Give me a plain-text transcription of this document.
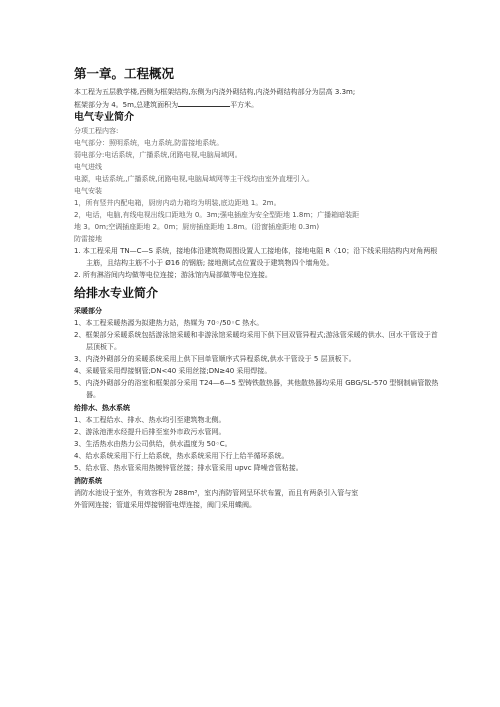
第一章。工程概况

本工程为五层教学楼,西侧为框架结构,东侧为内浇外砌结构,内浇外砌结构部分为层高 3.3m;

框架部分为 4。5m,总建筑面积为	平方米。

电气专业简介

分项工程内容:

电气部分：照明系统，电力系统,防雷接地系统。

弱电部分:电话系统，广播系统,闭路电视,电脑局域网。

电气进线

电源，电话系统,,广播系统,闭路电视,电脑局域网等主干线均由室外直埋引入。

电气安装

1，所有竖井内配电箱，厨房内动力箱均为明装,底边距地 1。2m。

2，电话，电脑,有线电视出线口距地为 0。3m;强电插座为安全型距地 1.8m；广播箱暗装距

地 3。0m;空调插座距地 2。0m；厨房插座距地 1.8m。(沿窗插座距地 0.3m)

防雷接地

1. 本工程采用 TN—C—S 系统，接地体沿建筑物周围设置人工接地体，接地电阻 R〈10；沿下线采用结构内对角两根主筋，且结构主筋不小于 Ø16 的钢筋; 接地测试点位置设于建筑物四个墙角处。

2. 所有淋浴间内均做等电位连接；游泳馆内局部做等电位连接。

给排水专业简介
采暖部分

1、本工程采暖热源为拟建热力站，热媒为 70◦/50◦C 热水。

2、框架部分采暖系统包括游泳馆采暖和非游泳馆采暖均采用下供下回双管异程式;游泳管采暖的供水、回水干管设于首层顶板下。

3、内浇外砌部分的采暖系统采用上供下回单管顺序式异程系统,供水干管设于 5 层顶板下。

4、采暖管采用焊接钢管;DN<40 采用丝接;DN≥40 采用焊接。

5、内浇外砌部分的浴室和框架部分采用 T24—6—5 型铸铁散热器，其他散热器均采用 GBG/SL-570 型钢制扁管散热器。

给排水、热水系统

1、本工程给水、排水、热水均引至建筑物北侧。

2、游泳池泄水经提升后排至室外市政污水管网。

3、生活热水由热力公司供给，供水温度为 50◦C。

4、给水系统采用下行上给系统，热水系统采用下行上给半循环系统。

5、给水管、热水管采用热镀锌管丝接；排水管采用 upvc 降噪音管粘接。

消防系统

消防水池设于室外，有效容积为 288m³，室内消防管网呈环状布置，而且有两条引入管与室

外管网连接；管道采用焊接钢管电焊连接，阀门采用蝶阀。
